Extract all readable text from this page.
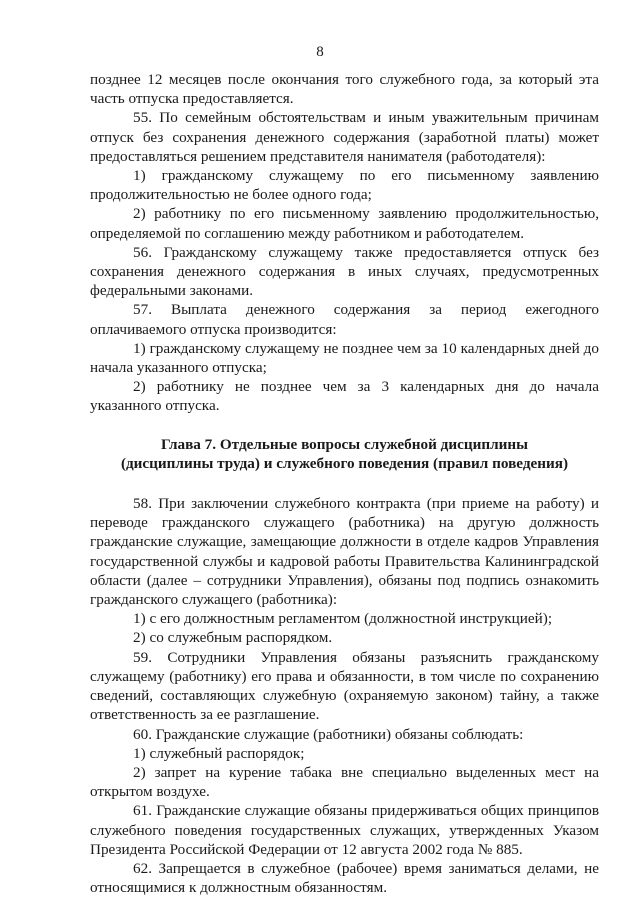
8

позднее 12 месяцев после окончания того служебного года, за который эта часть отпуска предоставляется.

55. По семейным обстоятельствам и иным уважительным причинам отпуск без сохранения денежного содержания (заработной платы) может предоставляться решением представителя нанимателя (работодателя):

1) гражданскому служащему по его письменному заявлению продолжительностью не более одного года;

2) работнику по его письменному заявлению продолжительностью, определяемой по соглашению между работником и работодателем.

56. Гражданскому служащему также предоставляется отпуск без сохранения денежного содержания в иных случаях, предусмотренных федеральными законами.

57. Выплата денежного содержания за период ежегодного оплачиваемого отпуска производится:

1) гражданскому служащему не позднее чем за 10 календарных дней до начала указанного отпуска;

2) работнику не позднее чем за 3 календарных дня до начала указанного отпуска.

Глава 7. Отдельные вопросы служебной дисциплины
(дисциплины труда) и служебного поведения (правил поведения)

58. При заключении служебного контракта (при приеме на работу) и переводе гражданского служащего (работника) на другую должность гражданские служащие, замещающие должности в отделе кадров Управления государственной службы и кадровой работы Правительства Калининградской области (далее – сотрудники Управления), обязаны под подпись ознакомить гражданского служащего (работника):

1) с его должностным регламентом (должностной инструкцией);

2) со служебным распорядком.

59. Сотрудники Управления обязаны разъяснить гражданскому служащему (работнику) его права и обязанности, в том числе по сохранению сведений, составляющих служебную (охраняемую законом) тайну, а также ответственность за ее разглашение.

60. Гражданские служащие (работники) обязаны соблюдать:

1) служебный распорядок;

2) запрет на курение табака вне специально выделенных мест на открытом воздухе.

61. Гражданские служащие обязаны придерживаться общих принципов служебного поведения государственных служащих, утвержденных Указом Президента Российской Федерации от 12 августа 2002 года № 885.

62. Запрещается в служебное (рабочее) время заниматься делами, не относящимися к должностным обязанностям.
